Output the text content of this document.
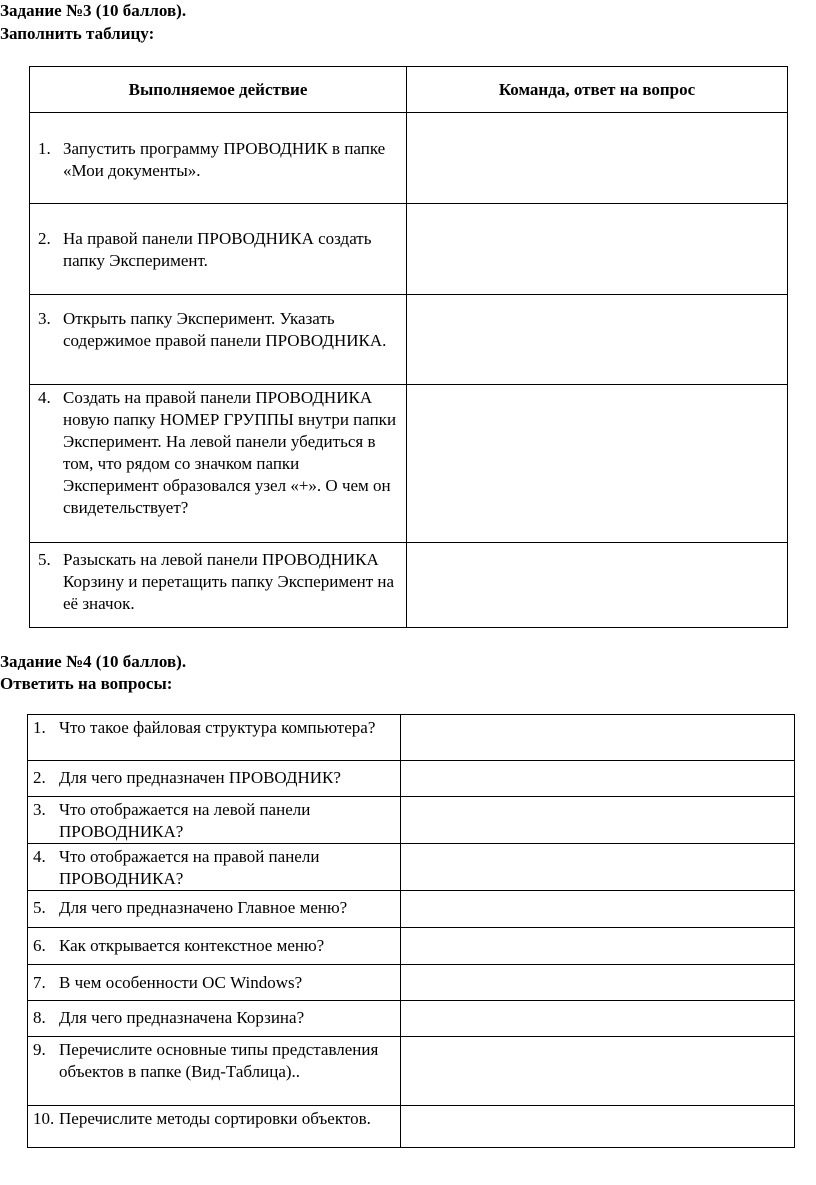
Задание №3 (10 баллов).
Заполнить таблицу:
Выполняемое действие	Команда, ответ на вопрос

1. Запустить программу ПРОВОДНИК в папке «Мои документы».	

2. На правой панели ПРОВОДНИКА создать папку Эксперимент.	

3. Открыть папку Эксперимент. Указать содержимое правой панели ПРОВОДНИКА.	

4. Создать на правой панели ПРОВОДНИКА новую папку НОМЕР ГРУППЫ внутри папки Эксперимент. На левой панели убедиться в том, что рядом со значком папки Эксперимент образовался узел «+». О чем он свидетельствует?	

5. Разыскать на левой панели ПРОВОДНИКА Корзину и перетащить папку Эксперимент на её значок.	

Задание №4 (10 баллов).
Ответить на вопросы:
1. Что такое файловая структура компьютера?	

2. Для чего предназначен ПРОВОДНИК?	

3. Что отображается на левой панели ПРОВОДНИКА?	

4. Что отображается на правой панели ПРОВОДНИКА?	

5. Для чего предназначено Главное меню?	

6. Как открывается контекстное меню?	

7. В чем особенности ОС Windows?	

8. Для чего предназначена Корзина?	

9. Перечислите основные типы представления объектов в папке (Вид-Таблица)..	

10. Перечислите методы сортировки объектов.	
